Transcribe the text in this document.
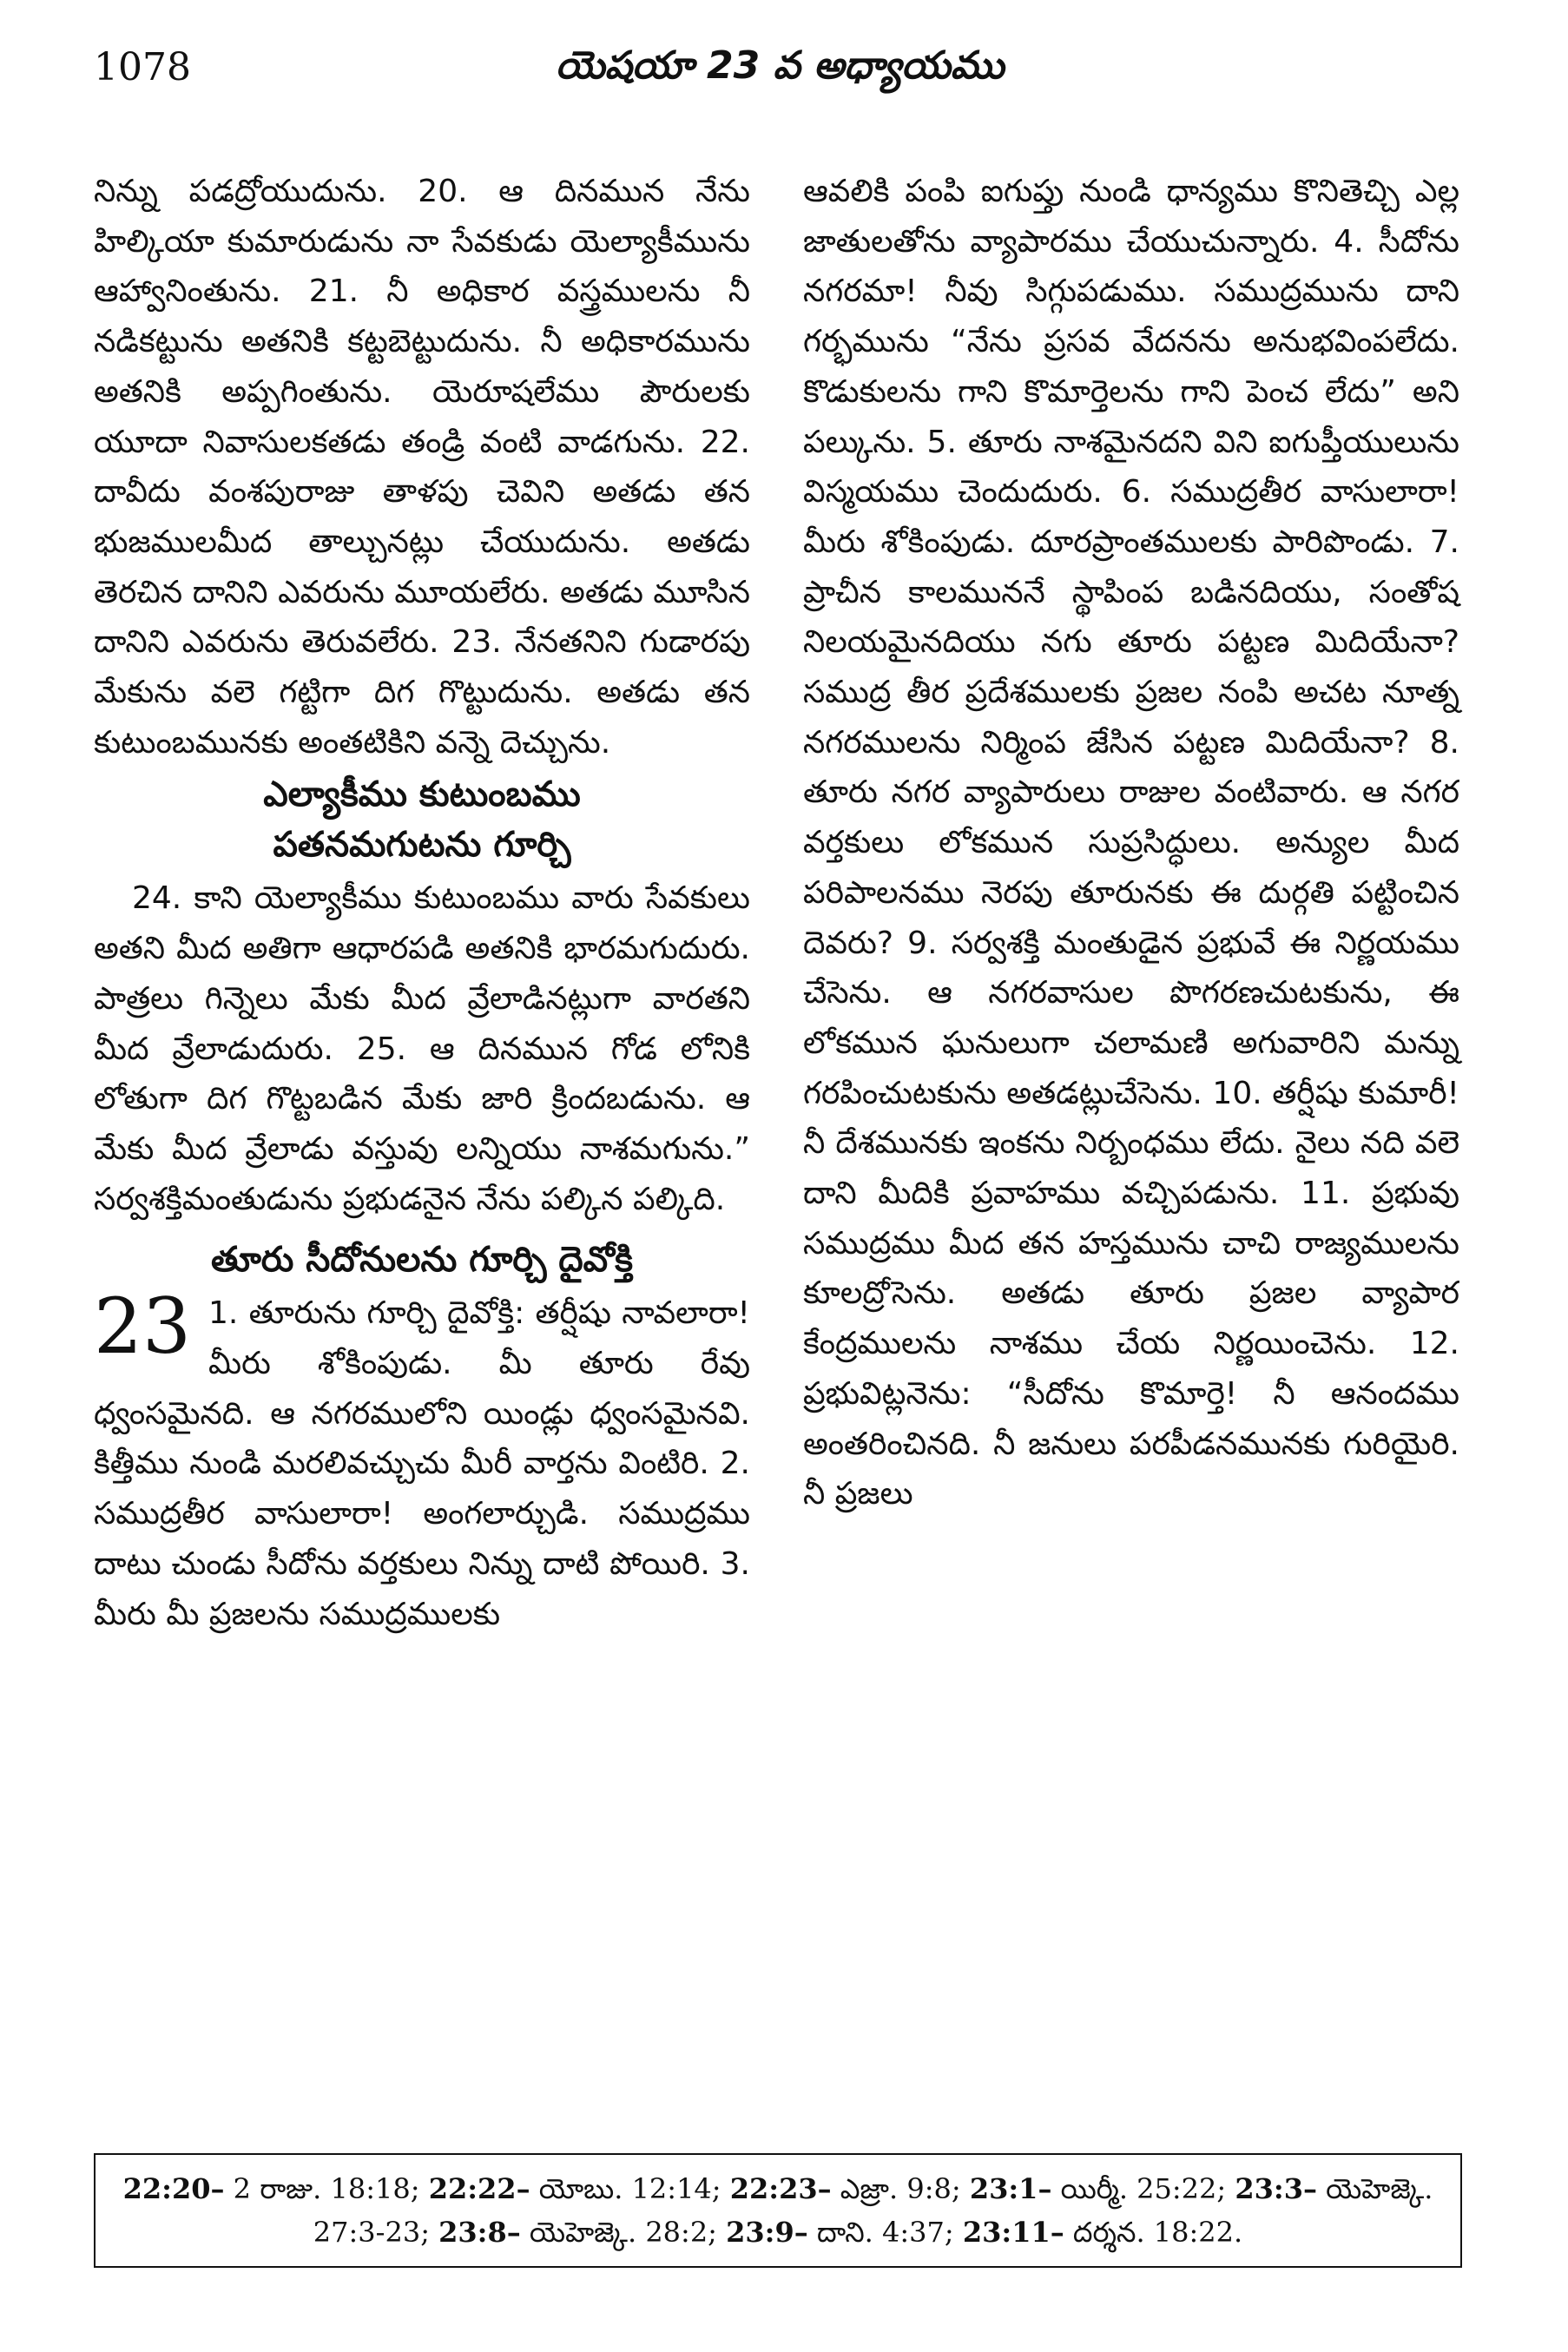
1078	యెషయా 23 వ అధ్యాయము

నిన్ను పడద్రోయుదును. 20. ఆ దినమున నేను హిల్కియా కుమారుడును నా సేవకుడు యెల్యాకీమును ఆహ్వానింతును. 21. నీ అధికార వస్త్రములను నీ నడికట్టును అతనికి కట్టబెట్టుదును. నీ అధికారమును అతనికి అప్పగింతును. యెరూషలేము పౌరులకు యూదా నివాసులకతడు తండ్రి వంటి వాడగును. 22. దావీదు వంశపురాజు తాళపు చెవిని అతడు తన భుజములమీద తాల్చునట్లు చేయుదును. అతడు తెరచిన దానిని ఎవరును మూయలేరు. అతడు మూసిన దానిని ఎవరును తెరువలేరు. 23. నేనతనిని గుడారపు మేకును వలె గట్టిగా దిగ గొట్టుదును. అతడు తన కుటుంబమునకు అంతటికిని వన్నె దెచ్చును.

ఎల్యాకీము కుటుంబము
పతనమగుటను గూర్చి

24. కాని యెల్యాకీము కుటుంబము వారు సేవకులు అతని మీద అతిగా ఆధారపడి అతనికి భారమగుదురు. పాత్రలు గిన్నెలు మేకు మీద వ్రేలాడినట్లుగా వారతని మీద వ్రేలాడుదురు. 25. ఆ దినమున గోడ లోనికి లోతుగా దిగ గొట్టబడిన మేకు జారి క్రిందబడును. ఆ మేకు మీద వ్రేలాడు వస్తువు లన్నియు నాశమగును.” సర్వశక్తిమంతుడును ప్రభుడనైన నేను పల్కిన పల్కిది.

తూరు సీదోనులను గూర్చి దైవోక్తి

23 1. తూరును గూర్చి దైవోక్తి: తర్షీషు నావలారా! మీరు శోకింపుడు. మీ తూరు రేవు ధ్వంసమైనది. ఆ నగరములోని యిండ్లు ధ్వంసమైనవి. కిత్తీము నుండి మరలివచ్చుచు మీరీ వార్తను వింటిరి. 2. సముద్రతీర వాసులారా! అంగలార్చుడి. సముద్రము దాటు చుండు సీదోను వర్తకులు నిన్ను దాటి పోయిరి. 3. మీరు మీ ప్రజలను సముద్రములకు

ఆవలికి పంపి ఐగుప్తు నుండి ధాన్యము కొనితెచ్చి ఎల్ల జాతులతోను వ్యాపారము చేయుచున్నారు. 4. సీదోను నగరమా! నీవు సిగ్గుపడుము. సముద్రమును దాని గర్భమును “నేను ప్రసవ వేదనను అనుభవింపలేదు. కొడుకులను గాని కొమార్తెలను గాని పెంచ లేదు” అని పల్కును. 5. తూరు నాశమైనదని విని ఐగుప్తీయులును విస్మయము చెందుదురు. 6. సముద్రతీర వాసులారా! మీరు శోకింపుడు. దూరప్రాంతములకు పారిపొండు. 7. ప్రాచీన కాలముననే స్థాపింప బడినదియు, సంతోష నిలయమైనదియు నగు తూరు పట్టణ మిదియేనా? సముద్ర తీర ప్రదేశములకు ప్రజల నంపి అచట నూత్న నగరములను నిర్మింప జేసిన పట్టణ మిదియేనా? 8. తూరు నగర వ్యాపారులు రాజుల వంటివారు. ఆ నగర వర్తకులు లోకమున సుప్రసిద్ధులు. అన్యుల మీద పరిపాలనము నెరపు తూరునకు ఈ దుర్గతి పట్టించిన దెవరు? 9. సర్వశక్తి మంతుడైన ప్రభువే ఈ నిర్ణయము చేసెను. ఆ నగరవాసుల పొగరణచుటకును, ఈ లోకమున ఘనులుగా చలామణి అగువారిని మన్ను గరపించుటకును అతడట్లుచేసెను. 10. తర్షీషు కుమారీ! నీ దేశమునకు ఇంకను నిర్బంధము లేదు. నైలు నది వలె దాని మీదికి ప్రవాహము వచ్చిపడును. 11. ప్రభువు సముద్రము మీద తన హస్తమును చాచి రాజ్యములను కూలద్రోసెను. అతడు తూరు ప్రజల వ్యాపార కేంద్రములను నాశము చేయ నిర్ణయించెను. 12. ప్రభువిట్లనెను: “సీదోను కొమార్తె! నీ ఆనందము అంతరించినది. నీ జనులు పరపీడనమునకు గురియైరి. నీ ప్రజలు

22:20– 2 రాజు. 18:18; 22:22– యోబు. 12:14; 22:23– ఎజ్రా. 9:8; 23:1– యిర్మీ. 25:22; 23:3– యెహెజ్కె. 27:3-23; 23:8– యెహెజ్కె. 28:2; 23:9– దాని. 4:37; 23:11– దర్శన. 18:22.
